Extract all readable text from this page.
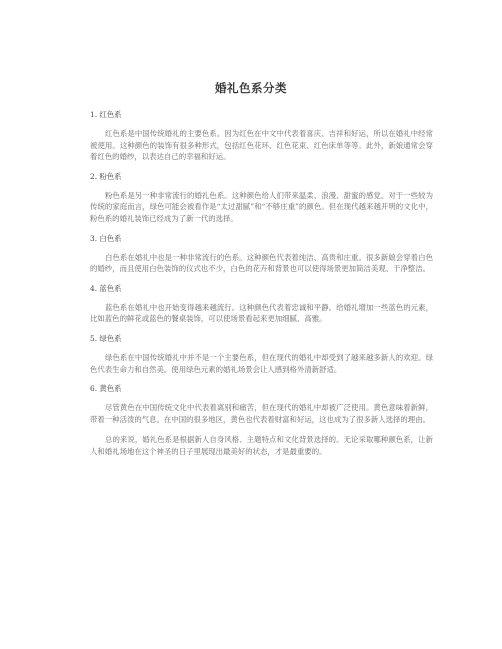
婚礼色系分类

1. 红色系

红色系是中国传统婚礼的主要色系。因为红色在中文中代表着喜庆、吉祥和好运，所以在婚礼中经常被使用。这种颜色的装饰有很多种形式，包括红色花环、红色花束、红色床单等等。此外，新娘通常会穿着红色的婚纱，以表达自己的幸福和好运。

2. 粉色系

粉色系是另一种非常流行的婚礼色系。这种颜色给人们带来温柔、浪漫、甜蜜的感觉。对于一些较为传统的家庭而言，绿色可能会被看作是“太过甜腻”和“不够庄重”的颜色。但在现代越来越开明的文化中，粉色系的婚礼装饰已经成为了新一代的选择。

3. 白色系

白色系在婚礼中也是一种非常流行的色系。这种颜色代表着纯洁、高贵和庄重。很多新娘会穿着白色的婚纱，而且使用白色装饰的仪式也不少，白色的花卉和背景也可以使得场景更加简洁美观、干净整洁。

4. 蓝色系

蓝色系在婚礼中也开始变得越来越流行。这种颜色代表着忠诚和平静。给婚礼增加一些蓝色的元素，比如蓝色的鲜花或蓝色的餐桌装饰，可以使场景看起来更加细腻、高雅。

5. 绿色系

绿色系在中国传统婚礼中并不是一个主要色系，但在现代的婚礼中却受到了越来越多新人的欢迎。绿色代表生命力和自然美。使用绿色元素的婚礼场景会让人感到格外清新舒适。

6. 黄色系

尽管黄色在中国传统文化中代表着离别和痛苦，但在现代的婚礼中却被广泛使用。黄色意味着新鲜，带着一种活泼的气息。在中国的很多地区，黄色也代表着财富和好运，这也成为了很多新人选择的理由。

总的来说，婚礼色系是根据新人自身风格、主题特点和文化背景选择的。无论采取哪种颜色系，让新人和婚礼场地在这个神圣的日子里展现出最美好的状态，才是最重要的。
